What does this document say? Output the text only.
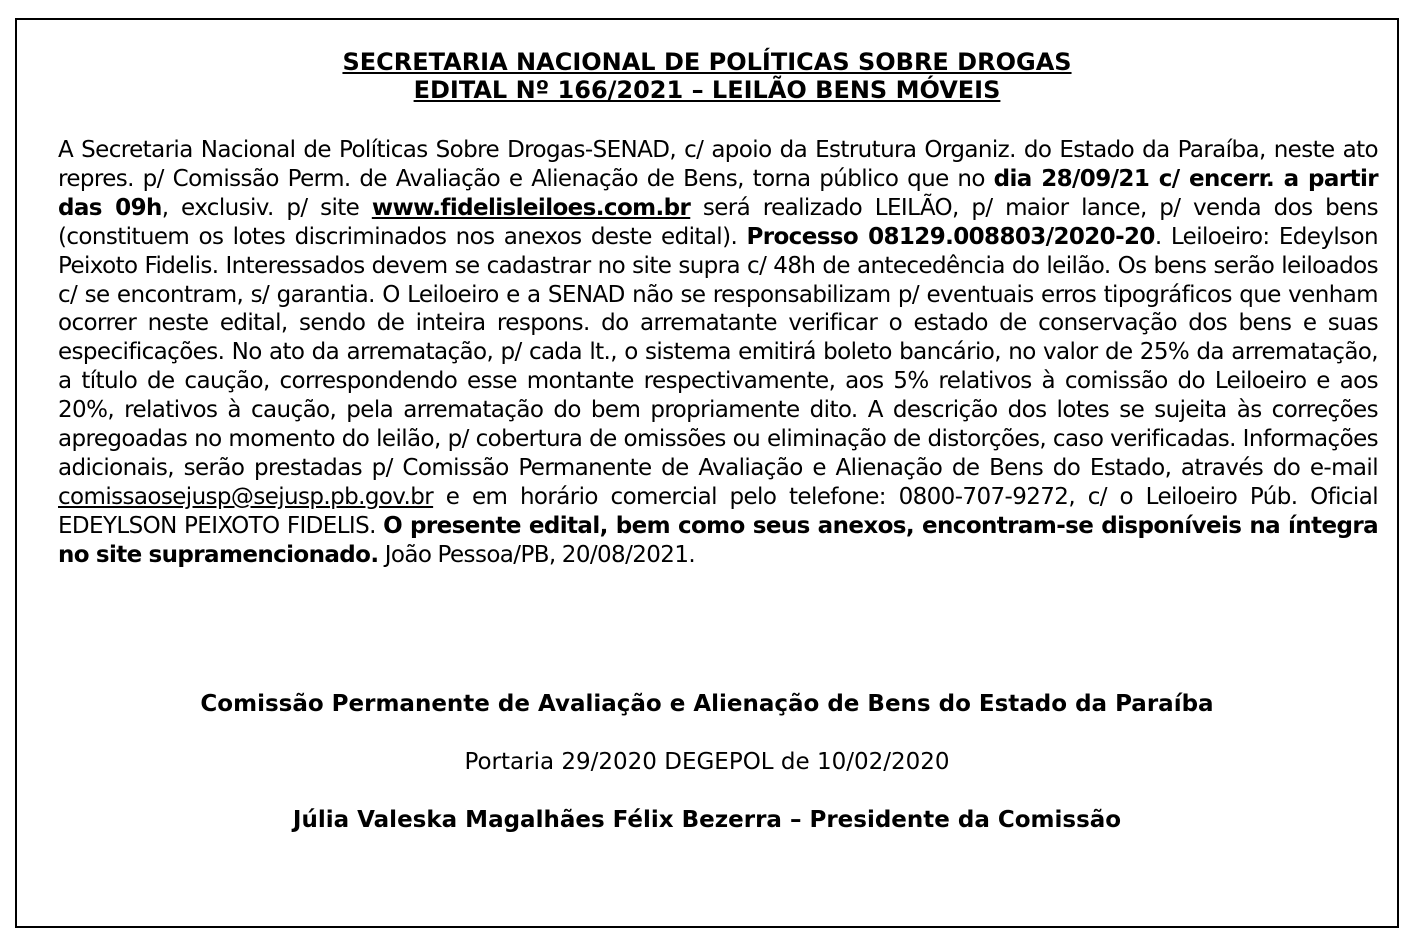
SECRETARIA NACIONAL DE POLÍTICAS SOBRE DROGAS
EDITAL Nº 166/2021 – LEILÃO BENS MÓVEIS
A Secretaria Nacional de Políticas Sobre Drogas-SENAD, c/ apoio da Estrutura Organiz. do Estado da Paraíba, neste ato repres. p/ Comissão Perm. de Avaliação e Alienação de Bens, torna público que no dia 28/09/21 c/ encerr. a partir das 09h, exclusiv. p/ site www.fidelisleiloes.com.br será realizado LEILÃO, p/ maior lance, p/ venda dos bens (constituem os lotes discriminados nos anexos deste edital). Processo 08129.008803/2020-20. Leiloeiro: Edeylson Peixoto Fidelis. Interessados devem se cadastrar no site supra c/ 48h de antecedência do leilão. Os bens serão leiloados c/ se encontram, s/ garantia. O Leiloeiro e a SENAD não se responsabilizam p/ eventuais erros tipográficos que venham ocorrer neste edital, sendo de inteira respons. do arrematante verificar o estado de conservação dos bens e suas especificações. No ato da arrematação, p/ cada lt., o sistema emitirá boleto bancário, no valor de 25% da arrematação, a título de caução, correspondendo esse montante respectivamente, aos 5% relativos à comissão do Leiloeiro e aos 20%, relativos à caução, pela arrematação do bem propriamente dito. A descrição dos lotes se sujeita às correções apregoadas no momento do leilão, p/ cobertura de omissões ou eliminação de distorções, caso verificadas. Informações adicionais, serão prestadas p/ Comissão Permanente de Avaliação e Alienação de Bens do Estado, através do e-mail comissaosejusp@sejusp.pb.gov.br e em horário comercial pelo telefone: 0800-707-9272, c/ o Leiloeiro Púb. Oficial EDEYLSON PEIXOTO FIDELIS. O presente edital, bem como seus anexos, encontram-se disponíveis na íntegra no site supramencionado. João Pessoa/PB, 20/08/2021.
Comissão Permanente de Avaliação e Alienação de Bens do Estado da Paraíba
Portaria 29/2020 DEGEPOL de 10/02/2020
Júlia Valeska Magalhães Félix Bezerra – Presidente da Comissão
